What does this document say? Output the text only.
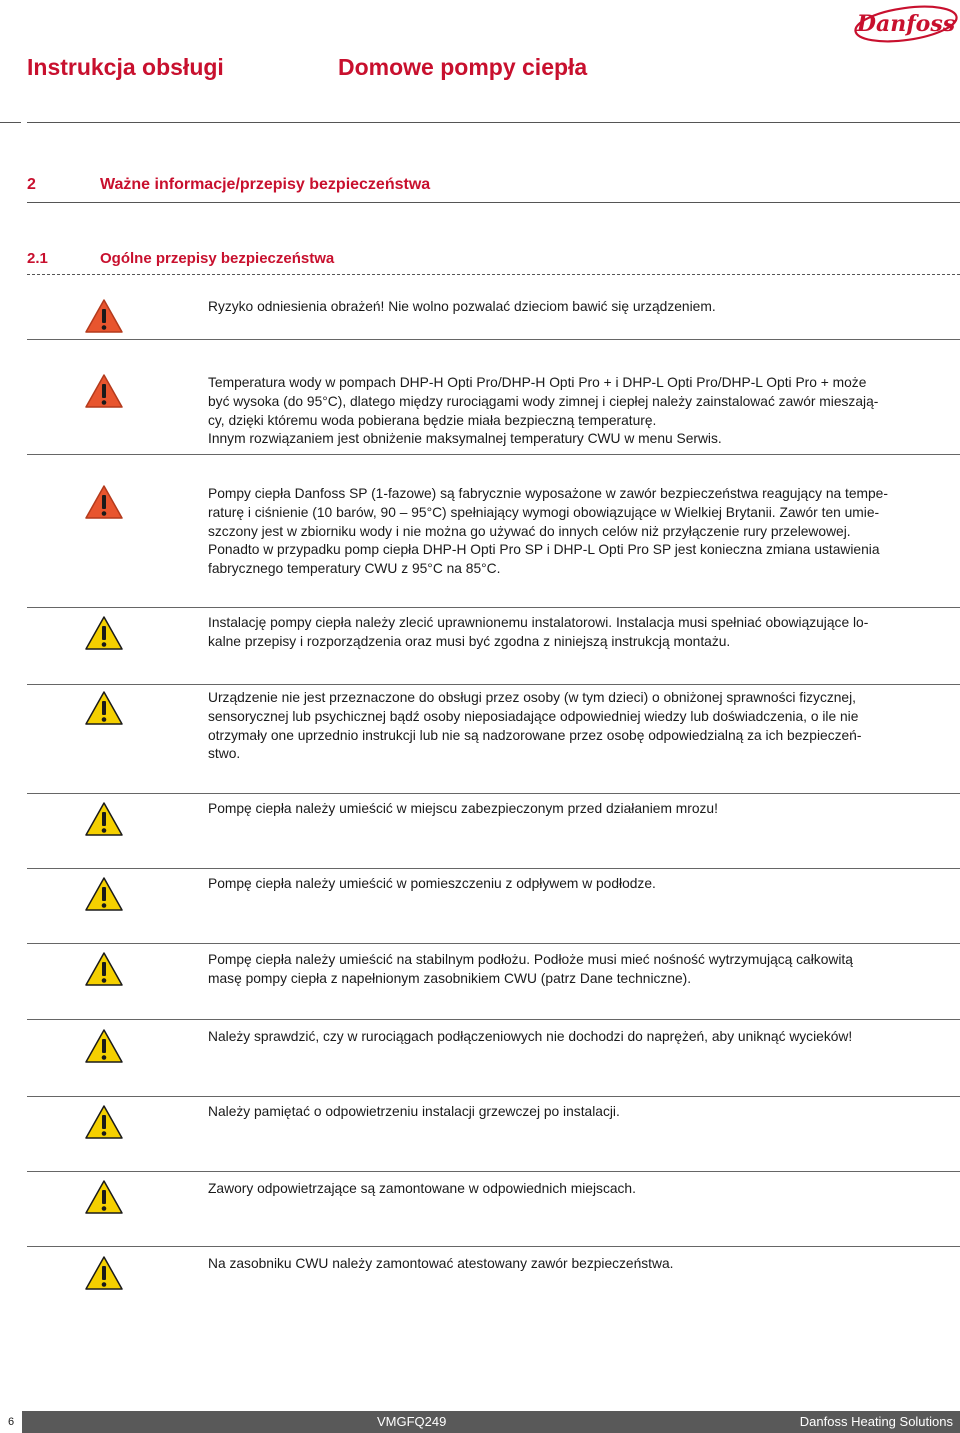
Instrukcja obsługi	Domowe pompy ciepła
Danfoss
2	Ważne informacje/przepisy bezpieczeństwa
2.1	Ogólne przepisy bezpieczeństwa
Ryzyko odniesienia obrażeń! Nie wolno pozwalać dzieciom bawić się urządzeniem.
Temperatura wody w pompach DHP-H Opti Pro/DHP-H Opti Pro + i DHP-L Opti Pro/DHP-L Opti Pro + może
być wysoka (do 95°C), dlatego między rurociągami wody zimnej i ciepłej należy zainstalować zawór mieszają-
cy, dzięki któremu woda pobierana będzie miała bezpieczną temperaturę.
Innym rozwiązaniem jest obniżenie maksymalnej temperatury CWU w menu Serwis.
Pompy ciepła Danfoss SP (1-fazowe) są fabrycznie wyposażone w zawór bezpieczeństwa reagujący na tempe-
raturę i ciśnienie (10 barów, 90 – 95°C) spełniający wymogi obowiązujące w Wielkiej Brytanii. Zawór ten umie-
szczony jest w zbiorniku wody i nie można go używać do innych celów niż przyłączenie rury przelewowej.
Ponadto w przypadku pomp ciepła DHP-H Opti Pro SP i DHP-L Opti Pro SP jest konieczna zmiana ustawienia
fabrycznego temperatury CWU z 95°C na 85°C.
Instalację pompy ciepła należy zlecić uprawnionemu instalatorowi. Instalacja musi spełniać obowiązujące lo-
kalne przepisy i rozporządzenia oraz musi być zgodna z niniejszą instrukcją montażu.
Urządzenie nie jest przeznaczone do obsługi przez osoby (w tym dzieci) o obniżonej sprawności fizycznej,
sensorycznej lub psychicznej bądź osoby nieposiadające odpowiedniej wiedzy lub doświadczenia, o ile nie
otrzymały one uprzednio instrukcji lub nie są nadzorowane przez osobę odpowiedzialną za ich bezpieczeń-
stwo.
Pompę ciepła należy umieścić w miejscu zabezpieczonym przed działaniem mrozu!
Pompę ciepła należy umieścić w pomieszczeniu z odpływem w podłodze.
Pompę ciepła należy umieścić na stabilnym podłożu. Podłoże musi mieć nośność wytrzymującą całkowitą
masę pompy ciepła z napełnionym zasobnikiem CWU (patrz Dane techniczne).
Należy sprawdzić, czy w rurociągach podłączeniowych nie dochodzi do naprężeń, aby uniknąć wycieków!
Należy pamiętać o odpowietrzeniu instalacji grzewczej po instalacji.
Zawory odpowietrzające są zamontowane w odpowiednich miejscach.
Na zasobniku CWU należy zamontować atestowany zawór bezpieczeństwa.
6	VMGFQ249	Danfoss Heating Solutions
